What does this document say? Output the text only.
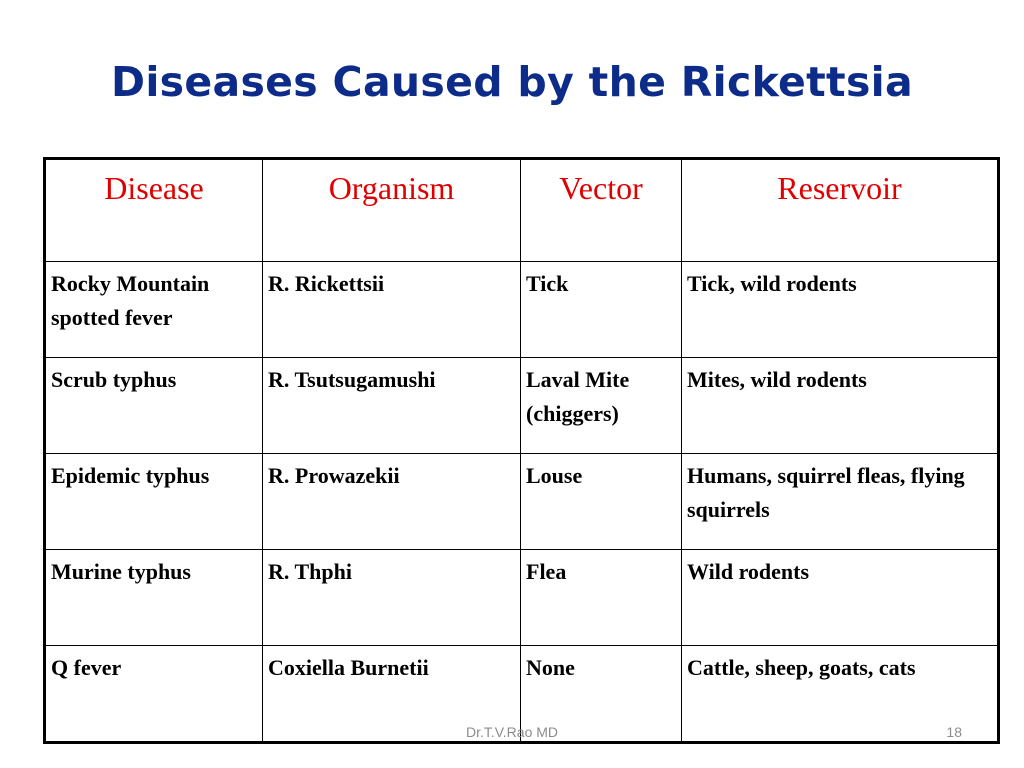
Diseases Caused by the Rickettsia
Disease	Organism	Vector	Reservoir
Rocky Mountain spotted fever	R. Rickettsii	Tick	Tick, wild rodents
Scrub typhus	R. Tsutsugamushi	Laval Mite (chiggers)	Mites, wild rodents
Epidemic typhus	R. Prowazekii	Louse	Humans, squirrel fleas, flying squirrels
Murine typhus	R. Thphi	Flea	Wild rodents
Q fever	Coxiella Burnetii	None	Cattle, sheep, goats, cats
Dr.T.V.Rao MD	18
